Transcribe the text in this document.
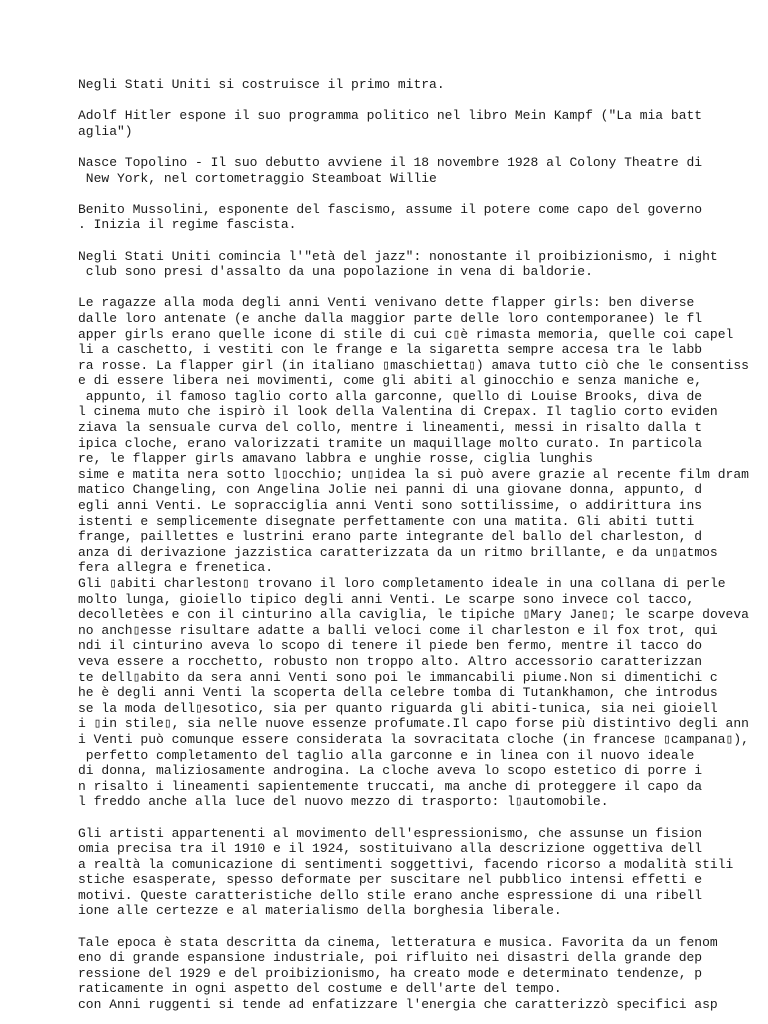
Negli Stati Uniti si costruisce il primo mitra.
Adolf Hitler espone il suo programma politico nel libro Mein Kampf ("La mia batt
aglia")
Nasce Topolino - Il suo debutto avviene il 18 novembre 1928 al Colony Theatre di
New York, nel cortometraggio Steamboat Willie
Benito Mussolini, esponente del fascismo, assume il potere come capo del governo
. Inizia il regime fascista.
Negli Stati Uniti comincia l'"età del jazz": nonostante il proibizionismo, i night
club sono presi d'assalto da una popolazione in vena di baldorie.
Le ragazze alla moda degli anni Venti venivano dette flapper girls: ben diverse
dalle loro antenate (e anche dalla maggior parte delle loro contemporanee) le fl
apper girls erano quelle icone di stile di cui c▯è rimasta memoria, quelle coi capel
li a caschetto, i vestiti con le frange e la sigaretta sempre accesa tra le labb
ra rosse. La flapper girl (in italiano ▯maschietta▯) amava tutto ciò che le consentiss
e di essere libera nei movimenti, come gli abiti al ginocchio e senza maniche e,
appunto, il famoso taglio corto alla garconne, quello di Louise Brooks, diva de
l cinema muto che ispirò il look della Valentina di Crepax. Il taglio corto eviden
ziava la sensuale curva del collo, mentre i lineamenti, messi in risalto dalla t
ipica cloche, erano valorizzati tramite un maquillage molto curato. In particola
re, le flapper girls amavano labbra e unghie rosse, ciglia lunghis
sime e matita nera sotto l▯occhio; un▯idea la si può avere grazie al recente film dram
matico Changeling, con Angelina Jolie nei panni di una giovane donna, appunto, d
egli anni Venti. Le sopracciglia anni Venti sono sottilissime, o addirittura ins
istenti e semplicemente disegnate perfettamente con una matita. Gli abiti tutti
frange, paillettes e lustrini erano parte integrante del ballo del charleston, d
anza di derivazione jazzistica caratterizzata da un ritmo brillante, e da un▯atmos
fera allegra e frenetica.
Gli ▯abiti charleston▯ trovano il loro completamento ideale in una collana di perle
molto lunga, gioiello tipico degli anni Venti. Le scarpe sono invece col tacco,
decolletèes e con il cinturino alla caviglia, le tipiche ▯Mary Jane▯; le scarpe doveva
no anch▯esse risultare adatte a balli veloci come il charleston e il fox trot, qui
ndi il cinturino aveva lo scopo di tenere il piede ben fermo, mentre il tacco do
veva essere a rocchetto, robusto non troppo alto. Altro accessorio caratterizzan
te dell▯abito da sera anni Venti sono poi le immancabili piume.Non si dimentichi c
he è degli anni Venti la scoperta della celebre tomba di Tutankhamon, che introdus
se la moda dell▯esotico, sia per quanto riguarda gli abiti-tunica, sia nei gioiell
i ▯in stile▯, sia nelle nuove essenze profumate.Il capo forse più distintivo degli ann
i Venti può comunque essere considerata la sovracitata cloche (in francese ▯campana▯),
perfetto completamento del taglio alla garconne e in linea con il nuovo ideale
di donna, maliziosamente androgina. La cloche aveva lo scopo estetico di porre i
n risalto i lineamenti sapientemente truccati, ma anche di proteggere il capo da
l freddo anche alla luce del nuovo mezzo di trasporto: l▯automobile.
Gli artisti appartenenti al movimento dell'espressionismo, che assunse un fision
omia precisa tra il 1910 e il 1924, sostituivano alla descrizione oggettiva dell
a realtà la comunicazione di sentimenti soggettivi, facendo ricorso a modalità stili
stiche esasperate, spesso deformate per suscitare nel pubblico intensi effetti e
motivi. Queste caratteristiche dello stile erano anche espressione di una ribell
ione alle certezze e al materialismo della borghesia liberale.
Tale epoca è stata descritta da cinema, letteratura e musica. Favorita da un fenom
eno di grande espansione industriale, poi rifluito nei disastri della grande dep
ressione del 1929 e del proibizionismo, ha creato mode e determinato tendenze, p
raticamente in ogni aspetto del costume e dell'arte del tempo.
con Anni ruggenti si tende ad enfatizzare l'energia che caratterizzò specifici asp
